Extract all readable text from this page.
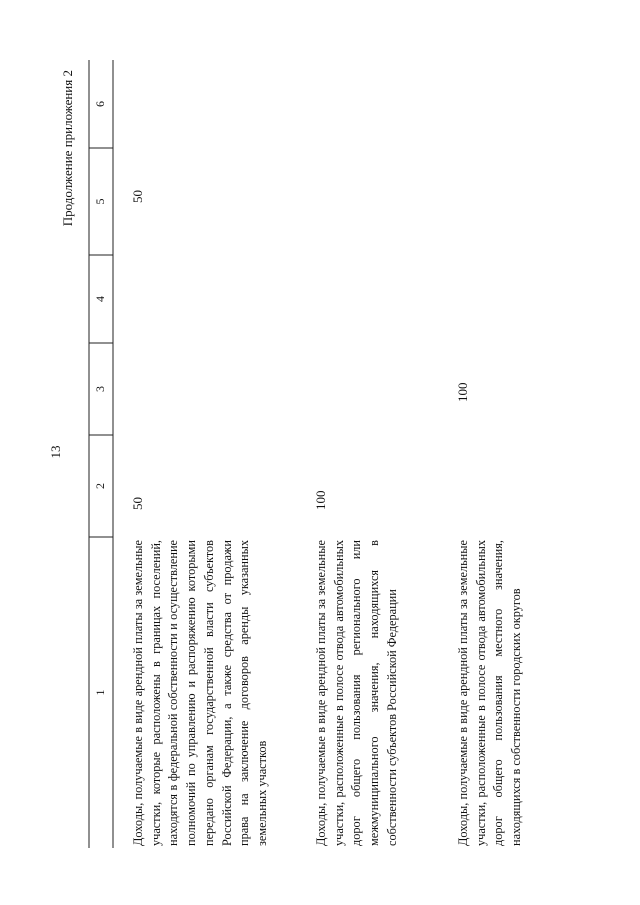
13
Продолжение приложения 2
1
2
3
4
5
6
Доходы, получаемые в виде арендной платы за земельные участки, которые расположены в границах поселений, находятся в федеральной собственности и осуществление полномочий по управлению и распоряжению которыми передано органам государственной власти субъектов Российской Федерации, а также средства от продажи права на заключение договоров аренды указанных земельных участков
50
50
Доходы, получаемые в виде арендной платы за земельные участки, расположенные в полосе отвода автомобильных дорог общего пользования регионального или межмуниципального значения, находящихся в собственности субъектов Российской Федерации
100
Доходы, получаемые в виде арендной платы за земельные участки, расположенные в полосе отвода автомобильных дорог общего пользования местного значения, находящихся в собственности городских округов
100
